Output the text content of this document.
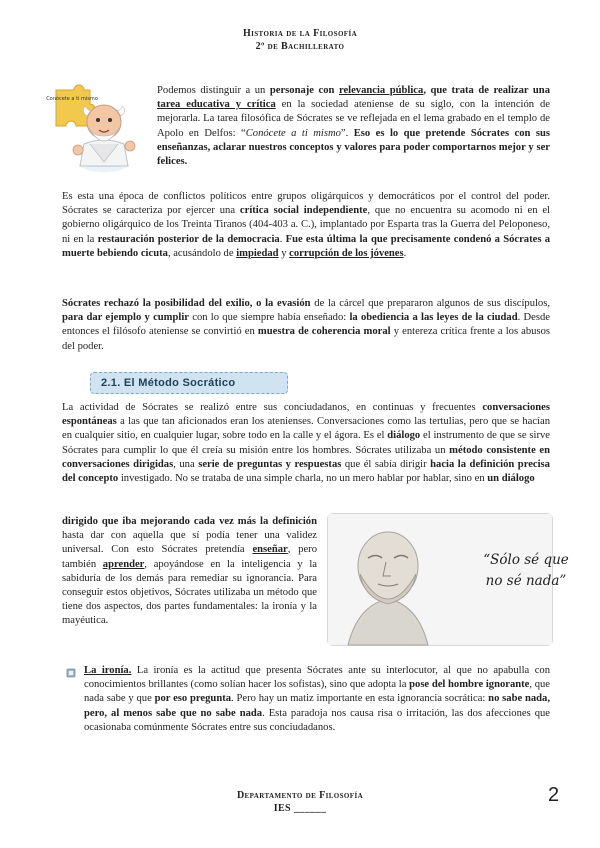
Historia de la Filosofía
2º de Bachillerato
Conócete a ti mismo

Podemos distinguir a un personaje con relevancia pública, que trata de realizar una tarea educativa y crítica en la sociedad ateniense de su siglo, con la intención de mejorarla. La tarea filosófica de Sócrates se ve reflejada en el lema grabado en el templo de Apolo en Delfos: “Conócete a ti mismo”. Eso es lo que pretende Sócrates con sus enseñanzas, aclarar nuestros conceptos y valores para poder comportarnos mejor y ser felices.

Es esta una época de conflictos políticos entre grupos oligárquicos y democráticos por el control del poder. Sócrates se caracteriza por ejercer una crítica social independiente, que no encuentra su acomodo ni en el gobierno oligárquico de los Treinta Tiranos (404-403 a. C.), implantado por Esparta tras la Guerra del Peloponeso, ni en la restauración posterior de la democracia. Fue esta última la que precisamente condenó a Sócrates a muerte bebiendo cicuta, acusándolo de impiedad y corrupción de los jóvenes.

Sócrates rechazó la posibilidad del exilio, o la evasión de la cárcel que prepararon algunos de sus discípulos, para dar ejemplo y cumplir con lo que siempre había enseñado: la obediencia a las leyes de la ciudad. Desde entonces el filósofo ateniense se convirtió en muestra de coherencia moral y entereza crítica frente a los abusos del poder.

2.1. El Método Socrático

La actividad de Sócrates se realizó entre sus conciudadanos, en continuas y frecuentes conversaciones espontáneas a las que tan aficionados eran los atenienses. Conversaciones como las tertulias, pero que se hacían en cualquier sitio, en cualquier lugar, sobre todo en la calle y el ágora. Es el diálogo el instrumento de que se sirve Sócrates para cumplir lo que él creía su misión entre los hombres. Sócrates utilizaba un método consistente en conversaciones dirigidas, una serie de preguntas y respuestas que él sabía dirigir hacia la definición precisa del concepto investigado. No se trataba de una simple charla, no un mero hablar por hablar, sino en un diálogo

dirigido que iba mejorando cada vez más la definición hasta dar con aquella que sí podía tener una validez universal. Con esto Sócrates pretendía enseñar, pero también aprender, apoyándose en la inteligencia y la sabiduría de los demás para remediar su ignorancia. Para conseguir estos objetivos, Sócrates utilizaba un método que tiene dos aspectos, dos partes fundamentales: la ironía y la mayéutica.

“Sólo sé que
no sé nada”

La ironía. La ironía es la actitud que presenta Sócrates ante su interlocutor, al que no apabulla con conocimientos brillantes (como solían hacer los sofistas), sino que adopta la pose del hombre ignorante, que nada sabe y que por eso pregunta. Pero hay un matiz importante en esta ignorancia socrática: no sabe nada, pero, al menos sabe que no sabe nada. Esta paradoja nos causa risa o irritación, las dos afecciones que ocasionaba comúnmente Sócrates entre sus conciudadanos.

Departamento de Filosofía
IES ______
2
